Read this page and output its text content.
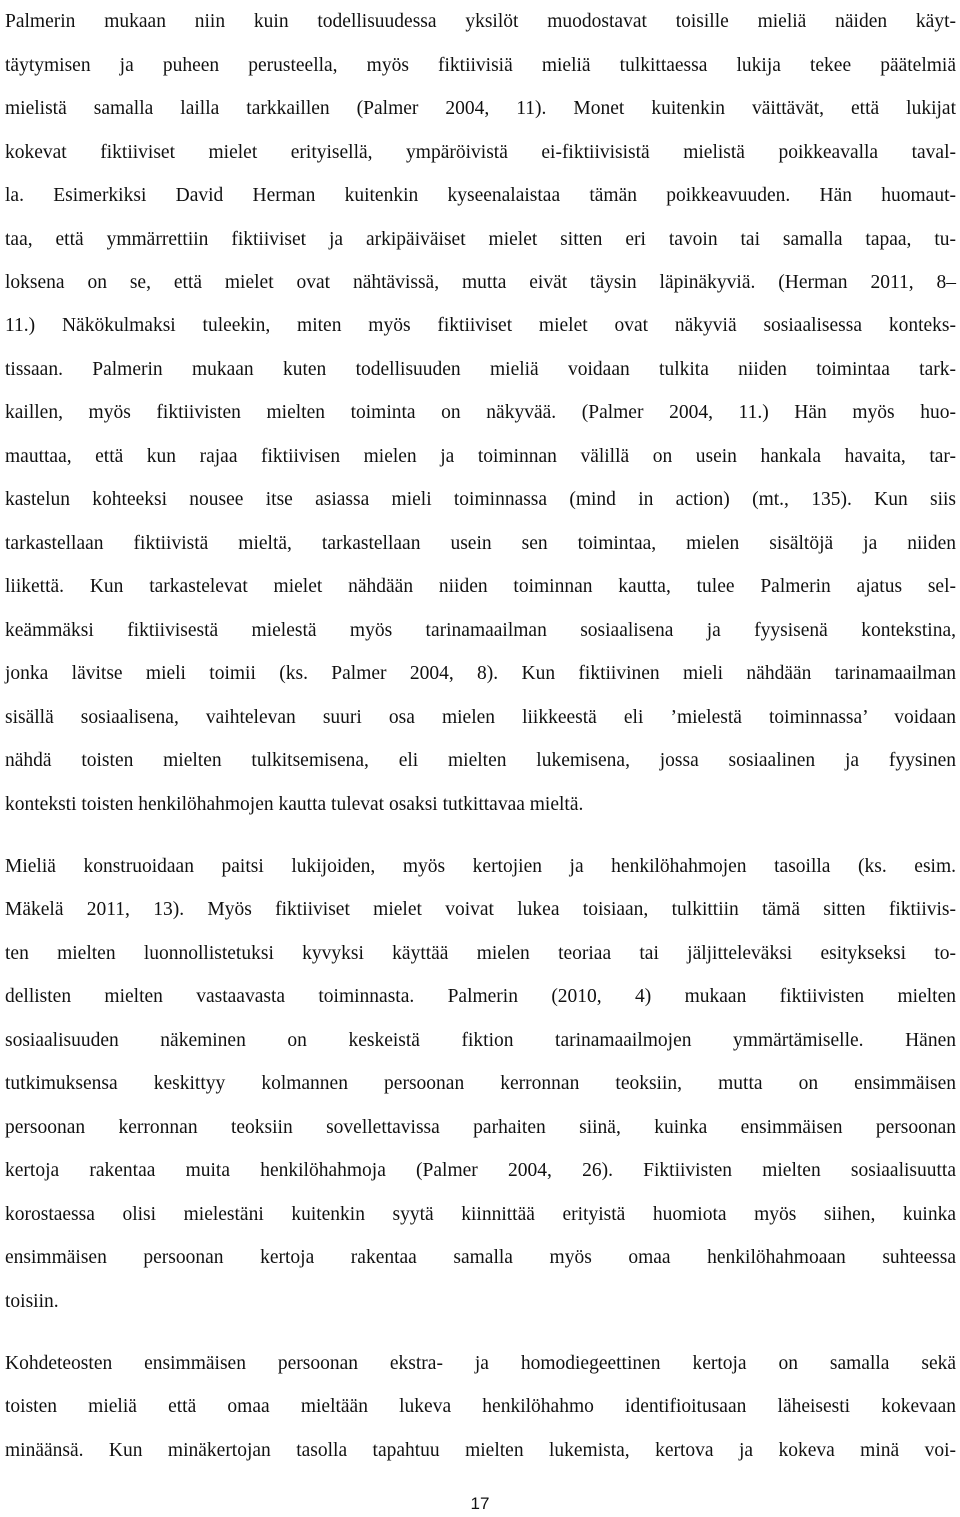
Palmerin mukaan niin kuin todellisuudessa yksilöt muodostavat toisille mieliä näiden käyt-
täytymisen ja puheen perusteella, myös fiktiivisiä mieliä tulkittaessa lukija tekee päätelmiä
mielistä samalla lailla tarkkaillen (Palmer 2004, 11). Monet kuitenkin väittävät, että lukijat
kokevat fiktiiviset mielet erityisellä, ympäröivistä ei-fiktiivisistä mielistä poikkeavalla taval-
la. Esimerkiksi David Herman kuitenkin kyseenalaistaa tämän poikkeavuuden. Hän huomaut-
taa, että ymmärrettiin fiktiiviset ja arkipäiväiset mielet sitten eri tavoin tai samalla tapaa, tu-
loksena on se, että mielet ovat nähtävissä, mutta eivät täysin läpinäkyviä. (Herman 2011, 8–
11.) Näkökulmaksi tuleekin, miten myös fiktiiviset mielet ovat näkyviä sosiaalisessa konteks-
tissaan. Palmerin mukaan kuten todellisuuden mieliä voidaan tulkita niiden toimintaa tark-
kaillen, myös fiktiivisten mielten toiminta on näkyvää. (Palmer 2004, 11.) Hän myös huo-
mauttaa, että kun rajaa fiktiivisen mielen ja toiminnan välillä on usein hankala havaita, tar-
kastelun kohteeksi nousee itse asiassa mieli toiminnassa (mind in action) (mt., 135). Kun siis
tarkastellaan fiktiivistä mieltä, tarkastellaan usein sen toimintaa, mielen sisältöjä ja niiden
liikettä. Kun tarkastelevat mielet nähdään niiden toiminnan kautta, tulee Palmerin ajatus sel-
keämmäksi fiktiivisestä mielestä myös tarinamaailman sosiaalisena ja fyysisenä kontekstina,
jonka lävitse mieli toimii (ks. Palmer 2004, 8). Kun fiktiivinen mieli nähdään tarinamaailman
sisällä sosiaalisena, vaihtelevan suuri osa mielen liikkeestä eli ’mielestä toiminnassa’ voidaan
nähdä toisten mielten tulkitsemisena, eli mielten lukemisena, jossa sosiaalinen ja fyysinen
konteksti toisten henkilöhahmojen kautta tulevat osaksi tutkittavaa mieltä.
Mieliä konstruoidaan paitsi lukijoiden, myös kertojien ja henkilöhahmojen tasoilla (ks. esim.
Mäkelä 2011, 13). Myös fiktiiviset mielet voivat lukea toisiaan, tulkittiin tämä sitten fiktiivis-
ten mielten luonnollistetuksi kyvyksi käyttää mielen teoriaa tai jäljitteleväksi esitykseksi to-
dellisten mielten vastaavasta toiminnasta. Palmerin (2010, 4) mukaan fiktiivisten mielten
sosiaalisuuden näkeminen on keskeistä fiktion tarinamaailmojen ymmärtämiselle. Hänen
tutkimuksensa keskittyy kolmannen persoonan kerronnan teoksiin, mutta on ensimmäisen
persoonan kerronnan teoksiin sovellettavissa parhaiten siinä, kuinka ensimmäisen persoonan
kertoja rakentaa muita henkilöhahmoja (Palmer 2004, 26). Fiktiivisten mielten sosiaalisuutta
korostaessa olisi mielestäni kuitenkin syytä kiinnittää erityistä huomiota myös siihen, kuinka
ensimmäisen persoonan kertoja rakentaa samalla myös omaa henkilöhahmoaan suhteessa
toisiin.
Kohdeteosten ensimmäisen persoonan ekstra- ja homodiegeettinen kertoja on samalla sekä
toisten mieliä että omaa mieltään lukeva henkilöhahmo identifioitusaan läheisesti kokevaan
minäänsä. Kun minäkertojan tasolla tapahtuu mielten lukemista, kertova ja kokeva minä voi-
17
